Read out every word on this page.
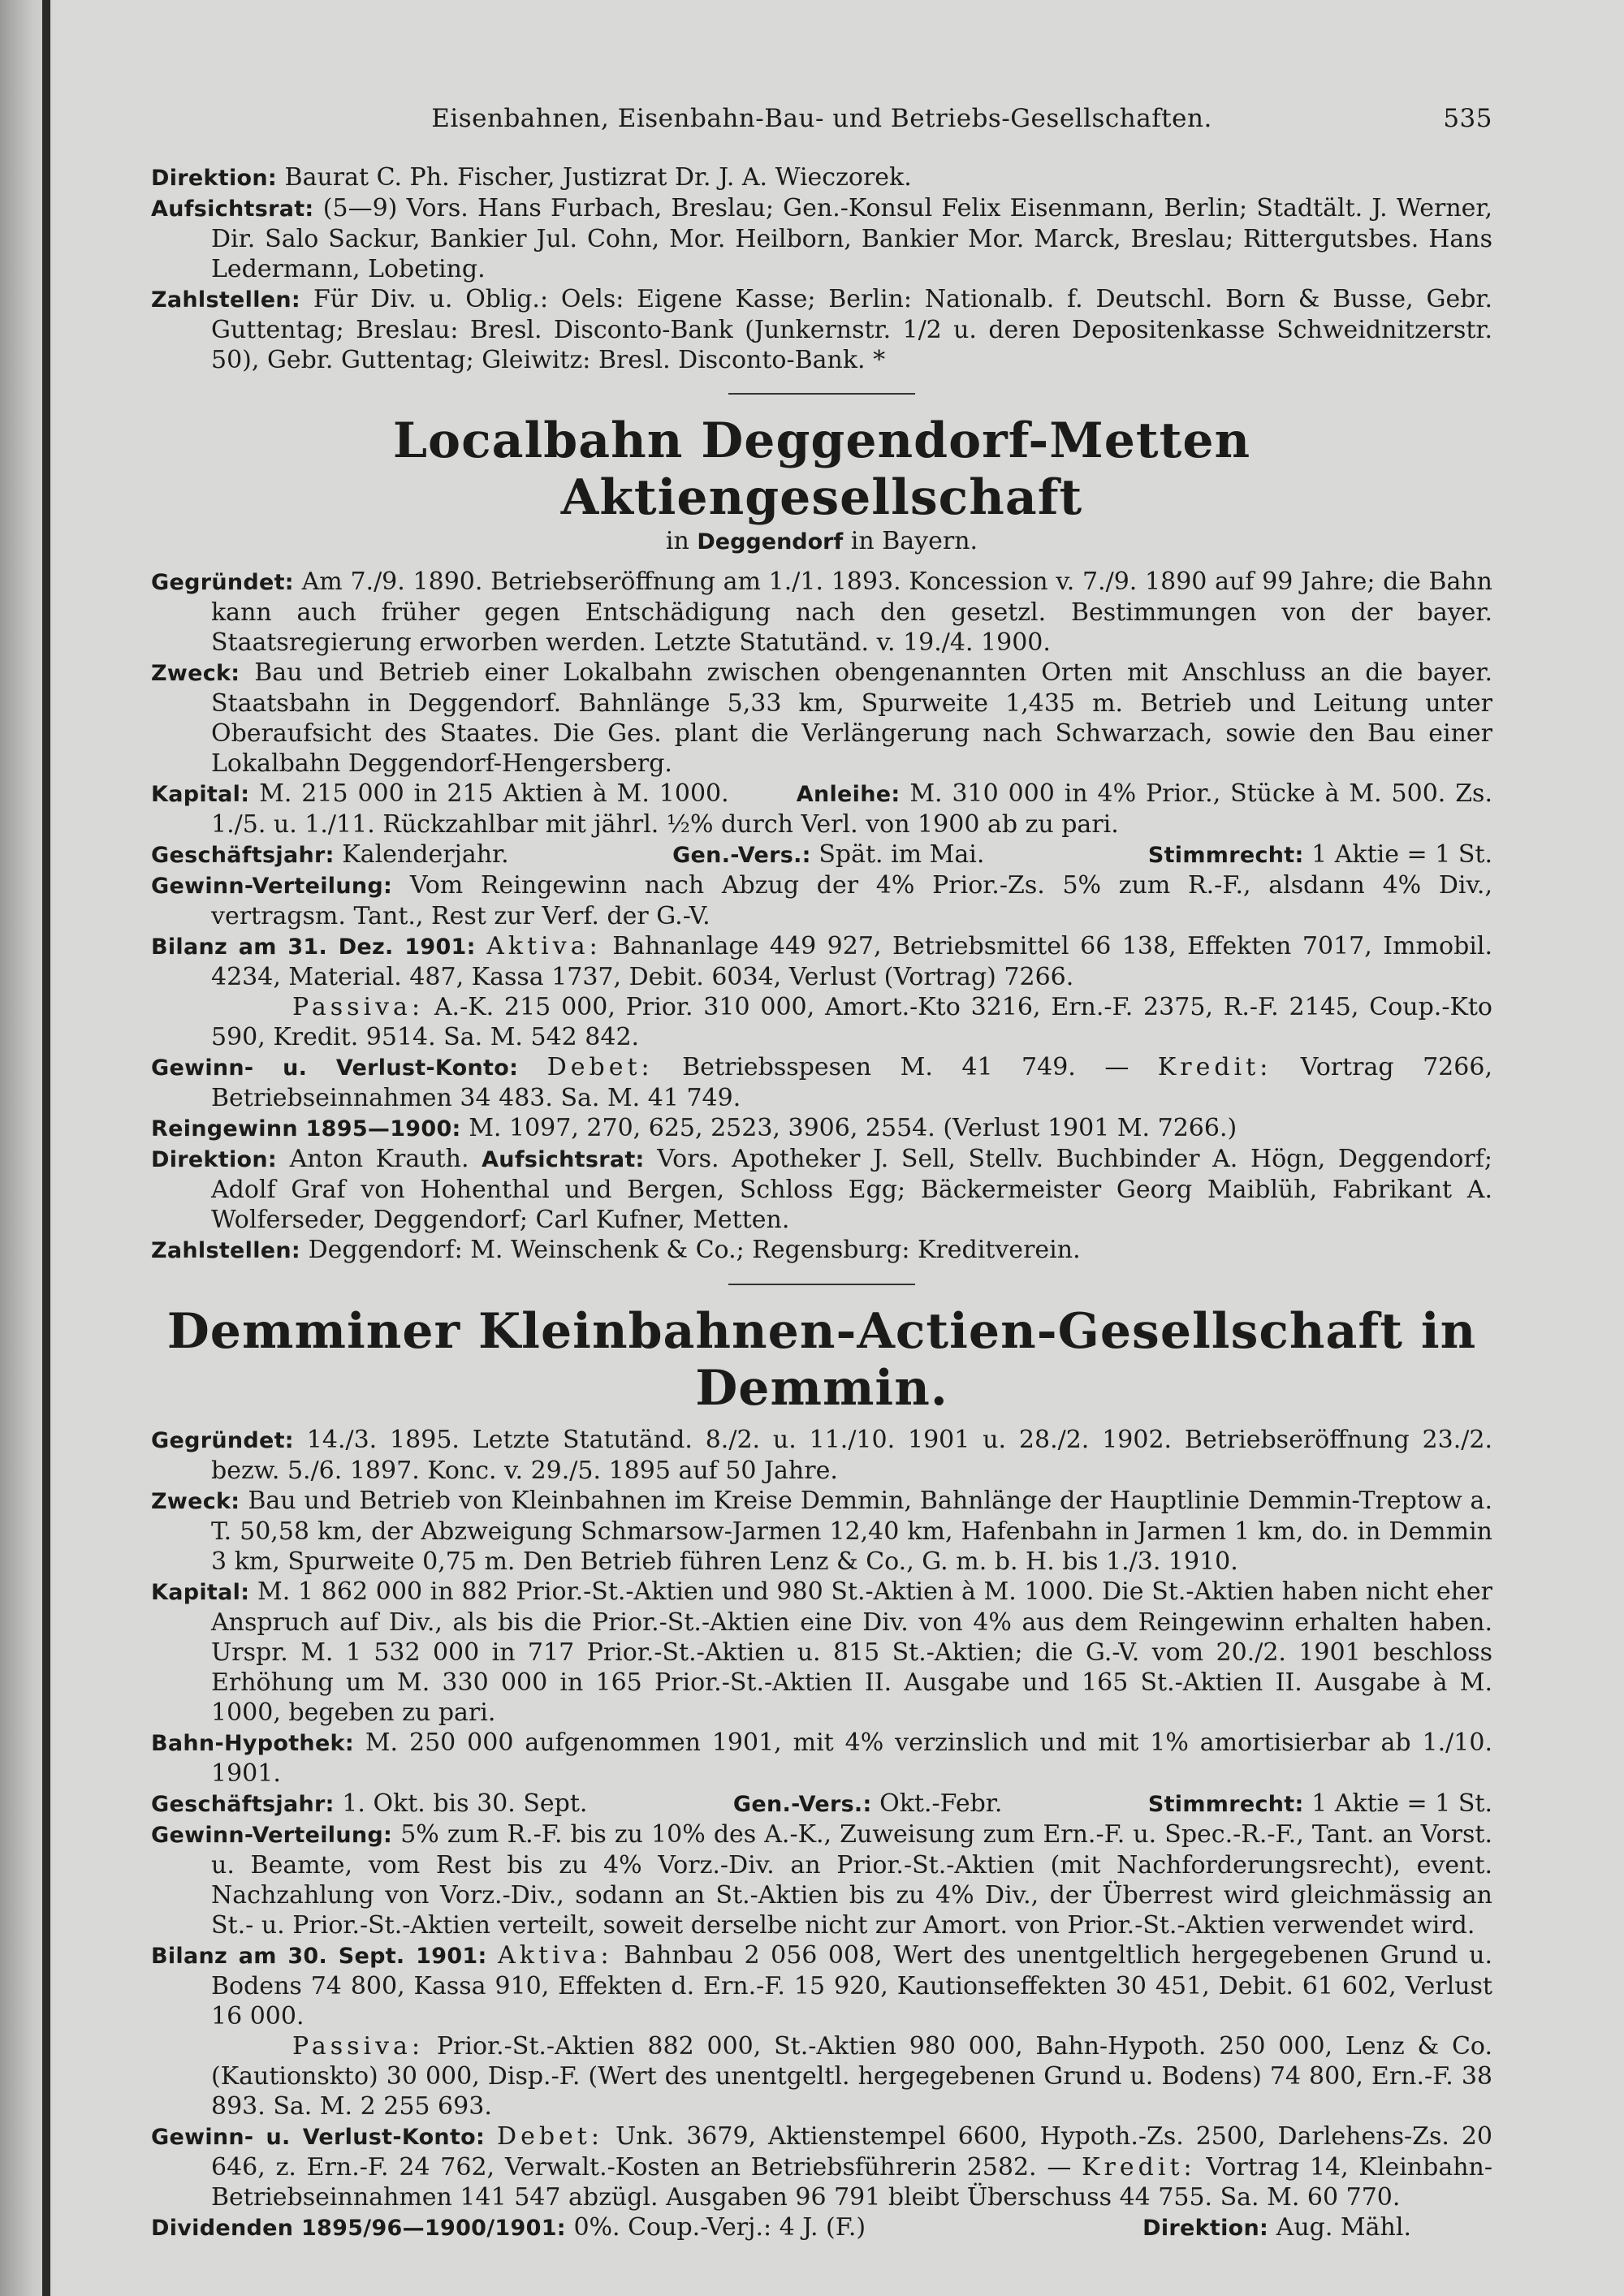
Eisenbahnen, Eisenbahn-Bau- und Betriebs-Gesellschaften.	535

Direktion: Baurat C. Ph. Fischer, Justizrat Dr. J. A. Wieczorek.

Aufsichtsrat: (5—9) Vors. Hans Furbach, Breslau; Gen.-Konsul Felix Eisenmann, Berlin; Stadtält. J. Werner, Dir. Salo Sackur, Bankier Jul. Cohn, Mor. Heilborn, Bankier Mor. Marck, Breslau; Rittergutsbes. Hans Ledermann, Lobeting.

Zahlstellen: Für Div. u. Oblig.: Oels: Eigene Kasse; Berlin: Nationalb. f. Deutschl. Born & Busse, Gebr. Guttentag; Breslau: Bresl. Disconto-Bank (Junkernstr. 1/2 u. deren Depositenkasse Schweidnitzerstr. 50), Gebr. Guttentag; Gleiwitz: Bresl. Disconto-Bank. *

Localbahn Deggendorf-Metten Aktiengesellschaft

in Deggendorf in Bayern.

Gegründet: Am 7./9. 1890. Betriebseröffnung am 1./1. 1893. Koncession v. 7./9. 1890 auf 99 Jahre; die Bahn kann auch früher gegen Entschädigung nach den gesetzl. Bestimmungen von der bayer. Staatsregierung erworben werden. Letzte Statutänd. v. 19./4. 1900.

Zweck: Bau und Betrieb einer Lokalbahn zwischen obengenannten Orten mit Anschluss an die bayer. Staatsbahn in Deggendorf. Bahnlänge 5,33 km, Spurweite 1,435 m. Betrieb und Leitung unter Oberaufsicht des Staates. Die Ges. plant die Verlängerung nach Schwarzach, sowie den Bau einer Lokalbahn Deggendorf-Hengersberg.

Kapital: M. 215 000 in 215 Aktien à M. 1000.	Anleihe: M. 310 000 in 4% Prior., Stücke à M. 500. Zs. 1./5. u. 1./11. Rückzahlbar mit jährl. ½% durch Verl. von 1900 ab zu pari.

Geschäftsjahr: Kalenderjahr.	Gen.-Vers.: Spät. im Mai.	Stimmrecht: 1 Aktie = 1 St.

Gewinn-Verteilung: Vom Reingewinn nach Abzug der 4% Prior.-Zs. 5% zum R.-F., alsdann 4% Div., vertragsm. Tant., Rest zur Verf. der G.-V.

Bilanz am 31. Dez. 1901: Aktiva: Bahnanlage 449 927, Betriebsmittel 66 138, Effekten 7017, Immobil. 4234, Material. 487, Kassa 1737, Debit. 6034, Verlust (Vortrag) 7266.

Passiva: A.-K. 215 000, Prior. 310 000, Amort.-Kto 3216, Ern.-F. 2375, R.-F. 2145, Coup.-Kto 590, Kredit. 9514. Sa. M. 542 842.

Gewinn- u. Verlust-Konto: Debet: Betriebsspesen M. 41 749. — Kredit: Vortrag 7266, Betriebseinnahmen 34 483. Sa. M. 41 749.

Reingewinn 1895—1900: M. 1097, 270, 625, 2523, 3906, 2554. (Verlust 1901 M. 7266.)

Direktion: Anton Krauth. Aufsichtsrat: Vors. Apotheker J. Sell, Stellv. Buchbinder A. Högn, Deggendorf; Adolf Graf von Hohenthal und Bergen, Schloss Egg; Bäckermeister Georg Maiblüh, Fabrikant A. Wolferseder, Deggendorf; Carl Kufner, Metten.

Zahlstellen: Deggendorf: M. Weinschenk & Co.; Regensburg: Kreditverein.

Demminer Kleinbahnen-Actien-Gesellschaft in Demmin.

Gegründet: 14./3. 1895. Letzte Statutänd. 8./2. u. 11./10. 1901 u. 28./2. 1902. Betriebseröffnung 23./2. bezw. 5./6. 1897. Konc. v. 29./5. 1895 auf 50 Jahre.

Zweck: Bau und Betrieb von Kleinbahnen im Kreise Demmin, Bahnlänge der Hauptlinie Demmin-Treptow a. T. 50,58 km, der Abzweigung Schmarsow-Jarmen 12,40 km, Hafenbahn in Jarmen 1 km, do. in Demmin 3 km, Spurweite 0,75 m. Den Betrieb führen Lenz & Co., G. m. b. H. bis 1./3. 1910.

Kapital: M. 1 862 000 in 882 Prior.-St.-Aktien und 980 St.-Aktien à M. 1000. Die St.-Aktien haben nicht eher Anspruch auf Div., als bis die Prior.-St.-Aktien eine Div. von 4% aus dem Reingewinn erhalten haben. Urspr. M. 1 532 000 in 717 Prior.-St.-Aktien u. 815 St.-Aktien; die G.-V. vom 20./2. 1901 beschloss Erhöhung um M. 330 000 in 165 Prior.-St.-Aktien II. Ausgabe und 165 St.-Aktien II. Ausgabe à M. 1000, begeben zu pari.

Bahn-Hypothek: M. 250 000 aufgenommen 1901, mit 4% verzinslich und mit 1% amortisierbar ab 1./10. 1901.

Geschäftsjahr: 1. Okt. bis 30. Sept.	Gen.-Vers.: Okt.-Febr.	Stimmrecht: 1 Aktie = 1 St.

Gewinn-Verteilung: 5% zum R.-F. bis zu 10% des A.-K., Zuweisung zum Ern.-F. u. Spec.-R.-F., Tant. an Vorst. u. Beamte, vom Rest bis zu 4% Vorz.-Div. an Prior.-St.-Aktien (mit Nachforderungsrecht), event. Nachzahlung von Vorz.-Div., sodann an St.-Aktien bis zu 4% Div., der Überrest wird gleichmässig an St.- u. Prior.-St.-Aktien verteilt, soweit derselbe nicht zur Amort. von Prior.-St.-Aktien verwendet wird.

Bilanz am 30. Sept. 1901: Aktiva: Bahnbau 2 056 008, Wert des unentgeltlich hergegebenen Grund u. Bodens 74 800, Kassa 910, Effekten d. Ern.-F. 15 920, Kautionseffekten 30 451, Debit. 61 602, Verlust 16 000.

Passiva: Prior.-St.-Aktien 882 000, St.-Aktien 980 000, Bahn-Hypoth. 250 000, Lenz & Co. (Kautionskto) 30 000, Disp.-F. (Wert des unentgeltl. hergegebenen Grund u. Bodens) 74 800, Ern.-F. 38 893. Sa. M. 2 255 693.

Gewinn- u. Verlust-Konto: Debet: Unk. 3679, Aktienstempel 6600, Hypoth.-Zs. 2500, Darlehens-Zs. 20 646, z. Ern.-F. 24 762, Verwalt.-Kosten an Betriebsführerin 2582. — Kredit: Vortrag 14, Kleinbahn-Betriebseinnahmen 141 547 abzügl. Ausgaben 96 791 bleibt Überschuss 44 755. Sa. M. 60 770.

Dividenden 1895/96—1900/1901: 0%. Coup.-Verj.: 4 J. (F.)	Direktion: Aug. Mähl.
